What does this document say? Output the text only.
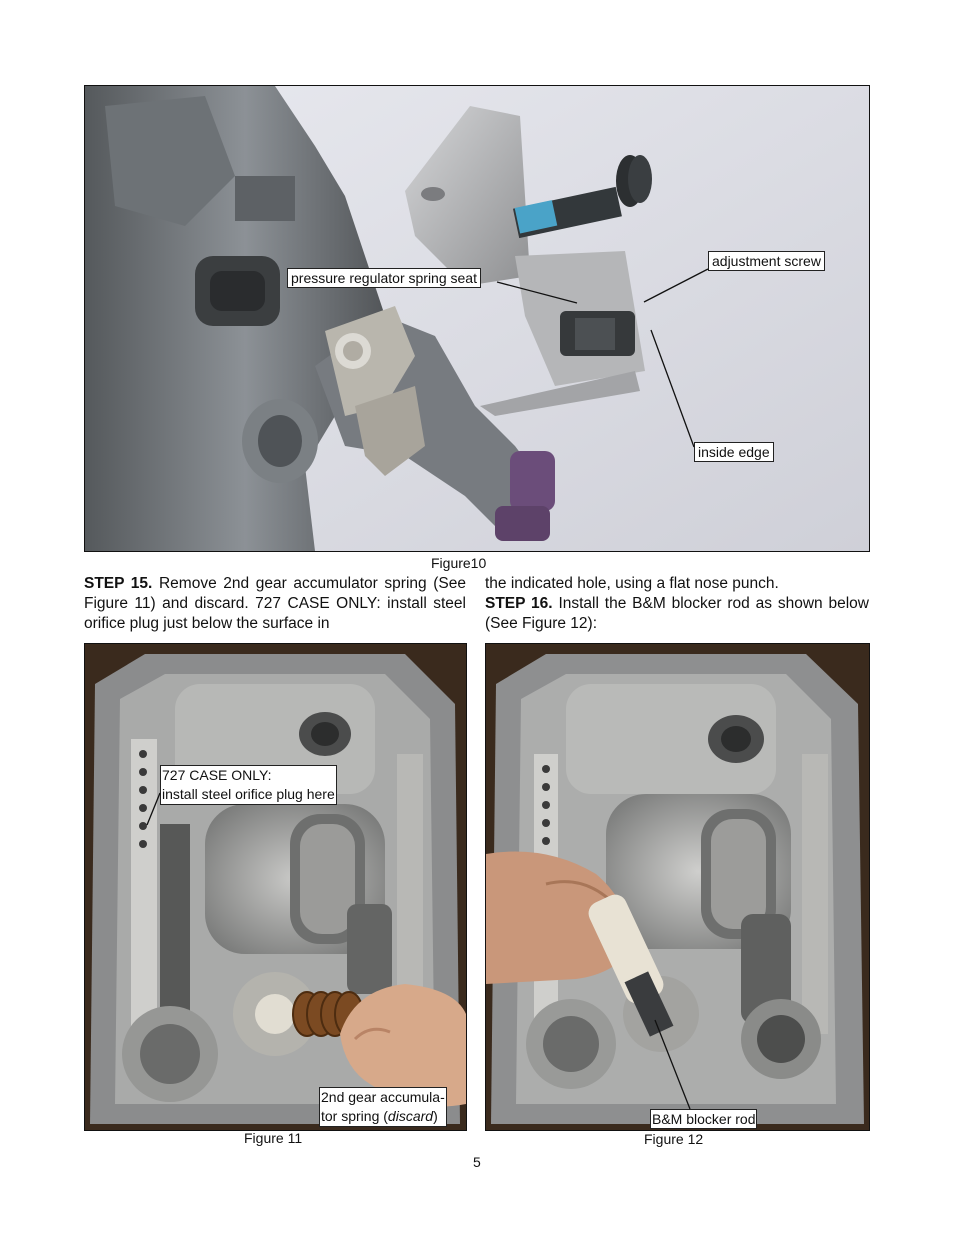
pressure regulator spring seat
adjustment screw
inside edge
Figure10
STEP 15. Remove 2nd gear accumulator spring (See Figure 11) and discard. 727 CASE ONLY: install steel orifice plug just below the surface in
the indicated hole, using a flat nose punch.
STEP 16. Install the B&M blocker rod as shown below (See Figure 12):
727 CASE ONLY:
install steel orifice plug here
2nd gear accumula-
tor spring (discard)
Figure 11
B&M blocker rod
Figure 12
5
